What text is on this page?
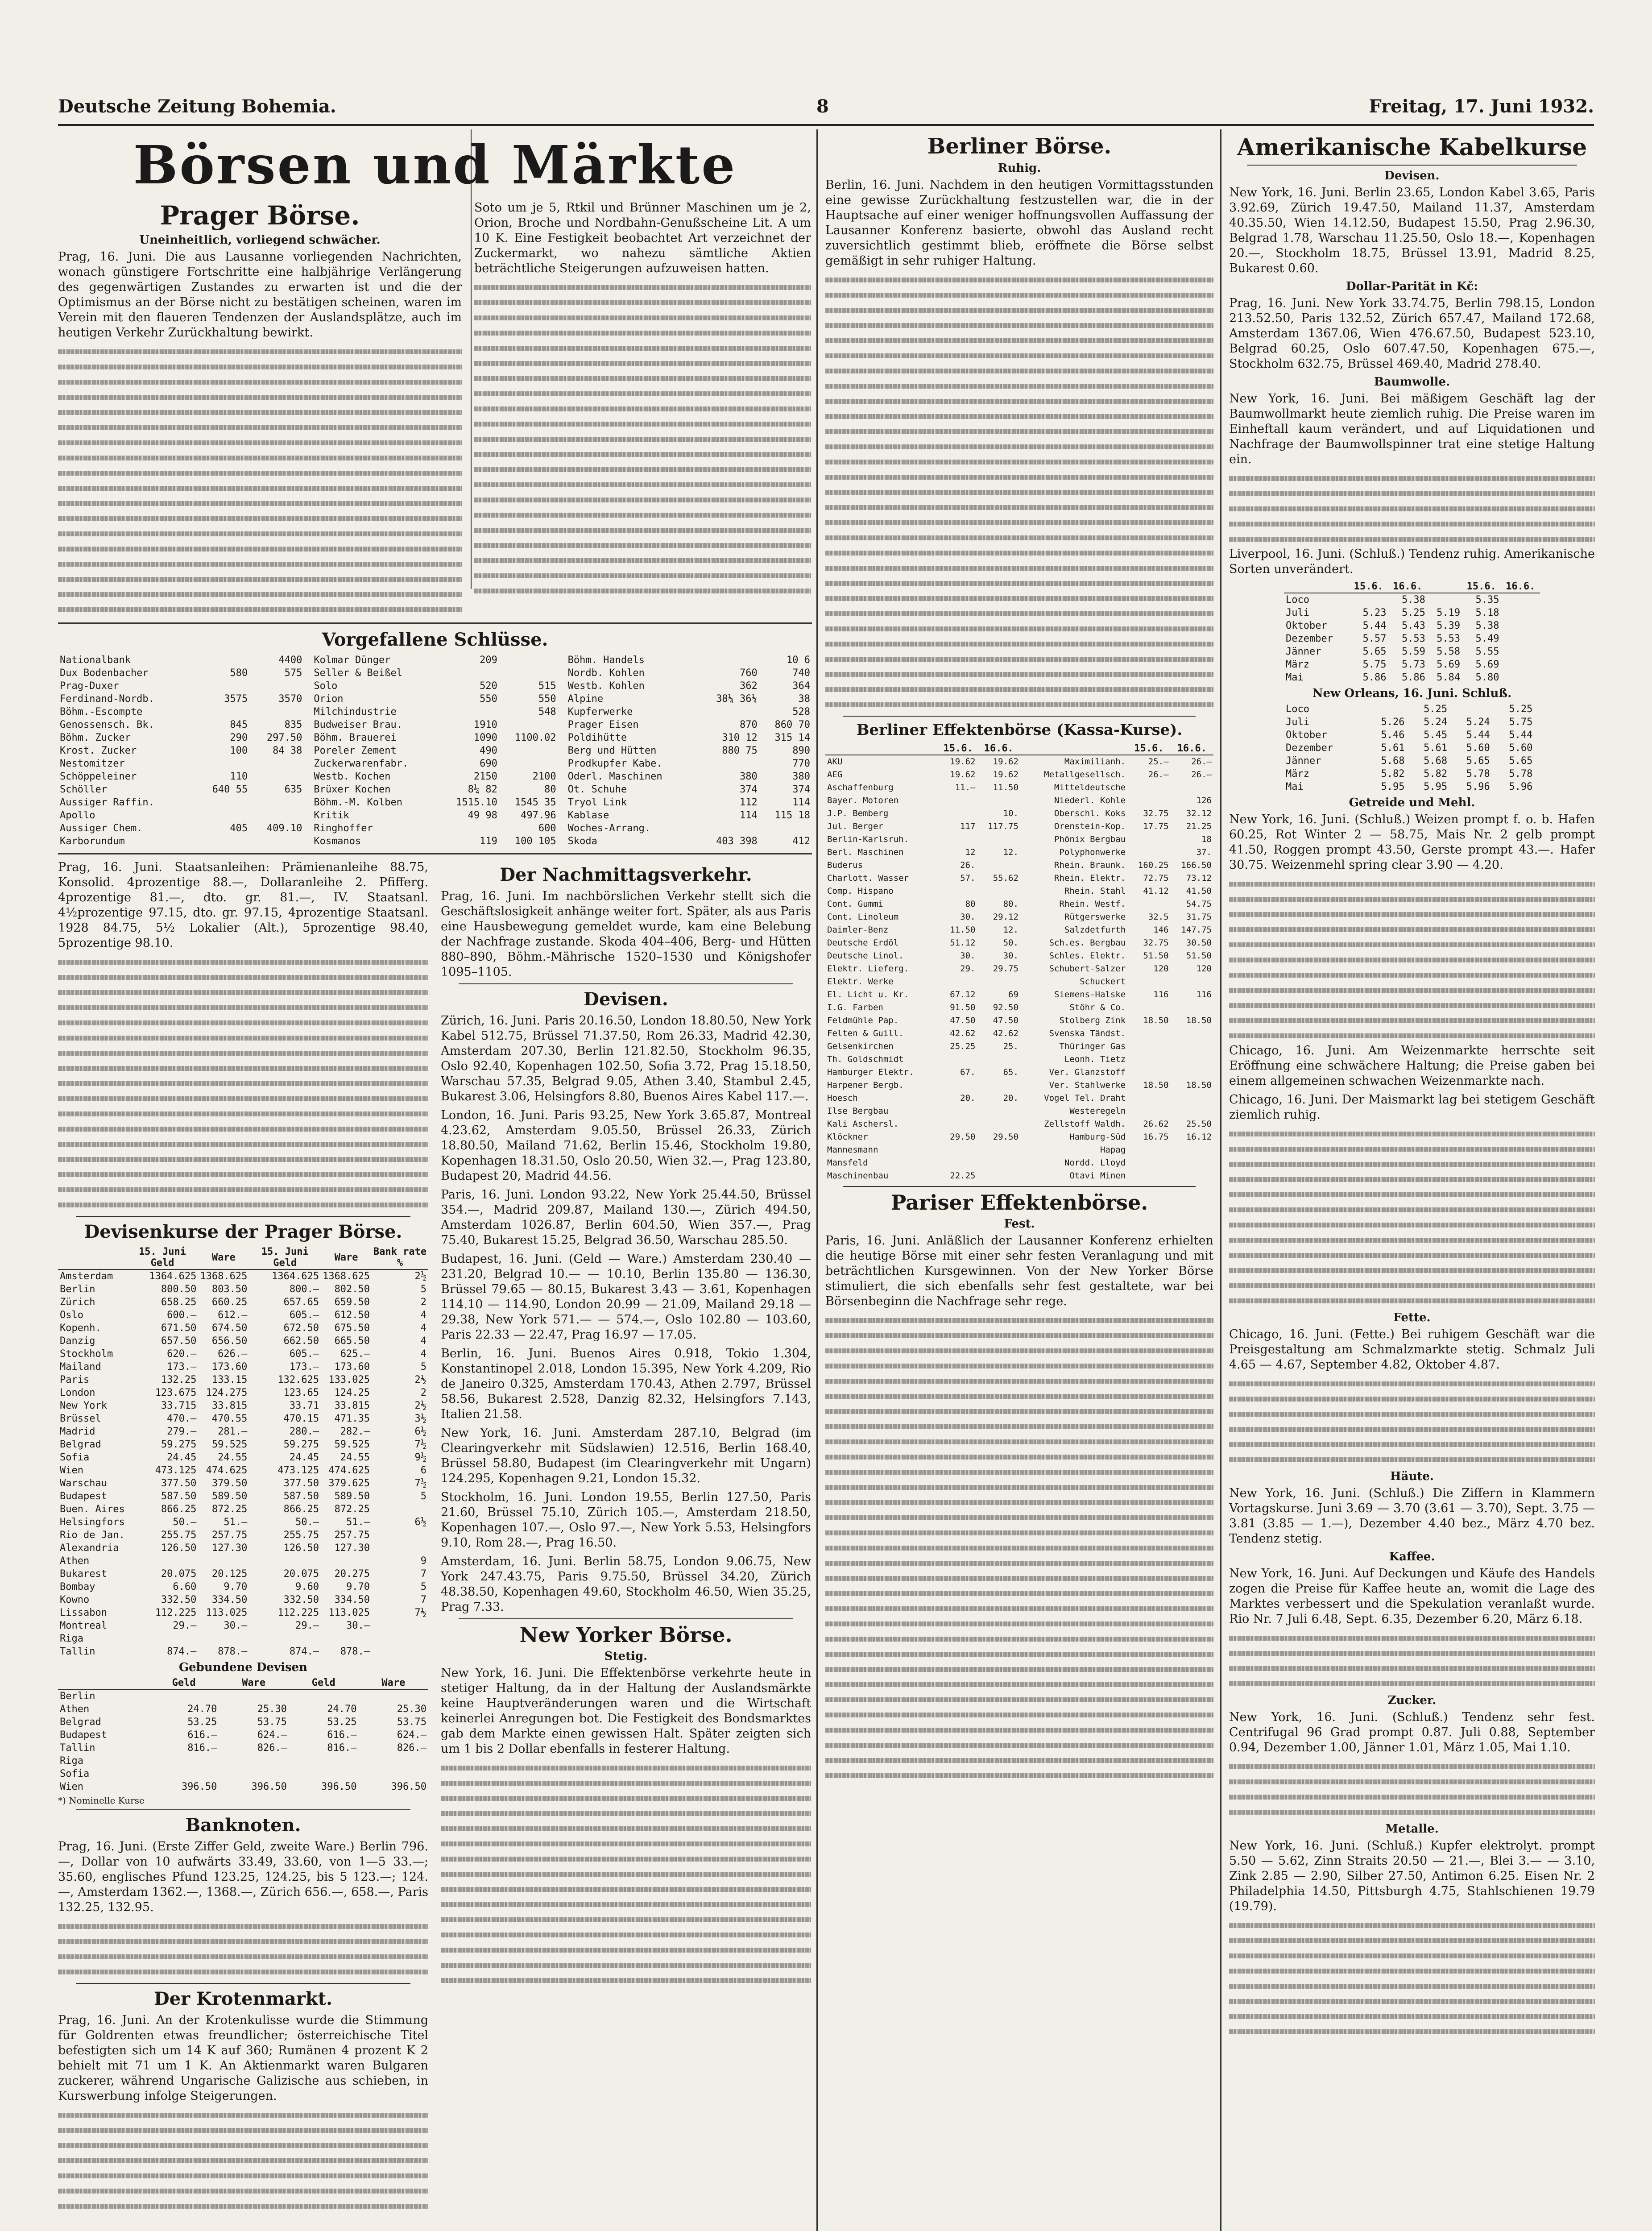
Deutsche Zeitung Bohemia.	8	Freitag, 17. Juni 1932.
Börsen und Märkte
Prager Börse.
Uneinheitlich, vorliegend schwächer.

Prag, 16. Juni. Die aus Lausanne vorliegenden Nachrichten, wonach günstigere Fortschritte eine halbjährige Verlängerung des gegenwärtigen Zustandes zu erwarten ist und die der Optimismus an der Börse nicht zu bestätigen scheinen, waren im Verein mit den flaueren Tendenzen der Auslandsplätze, auch im heutigen Verkehr Zurückhaltung bewirkt.

Soto um je 5, Rtkil und Brünner Maschinen um je 2, Orion, Broche und Nordbahn-Genußscheine Lit. A um 10 K. Eine Festigkeit beobachtet Art verzeichnet der Zuckermarkt, wo nahezu sämtliche Aktien beträchtliche Steigerungen aufzuweisen hatten.

Vorgefallene Schlüsse.
Nationalbank		4400
Dux Bodenbacher	580	575
Prag-Duxer		
Ferdinand-Nordb.	3575	3570
Böhm.-Escompte		
Genossensch. Bk.	845	835
Böhm. Zucker	290	297.50
Krost. Zucker	100	84 38
Nestomitzer		
Schöppeleiner	110	
Schöller	640 55	635
Aussiger Raffin.		
Apollo		
Aussiger Chem.	405	409.10
Karborundum		
Kolmar Dünger	209	
Seller & Beißel		
Solo	520	515
Orion	550	550
Milchindustrie		548
Budweiser Brau.	1910	
Böhm. Brauerei	1090	1100.02
Poreler Zement	490	
Zuckerwarenfabr.	690	
Westb. Kochen	2150	2100
Brüxer Kochen	8¼ 82	80
Böhm.-M. Kolben	1515.10	1545 35
Kritik	49 98	497.96
Ringhoffer		600
Kosmanos	119	100 105
Böhm. Handels		10 6
Nordb. Kohlen	760	740
Westb. Kohlen	362	364
Alpine	38¼ 36¼	38
Kupferwerke		528
Prager Eisen	870	860 70
Poldihütte	310 12	315 14
Berg und Hütten	880 75	890
Prodkupfer Kabe.		770
Oderl. Maschinen	380	380
Ot. Schuhe	374	374
Tryol Link	112	114
Kablase	114	115 18
Woches-Arrang.		
Skoda	403 398	412

Prag, 16. Juni. Staatsanleihen: Prämienanleihe 88.75, Konsolid. 4prozentige 88.—, Dollaranleihe 2. Pfifferg. 4prozentige 81.—, dto. gr. 81.—, IV. Staatsanl. 4½prozentige 97.15, dto. gr. 97.15, 4prozentige Staatsanl. 1928 84.75, 5½ Lokalier (Alt.), 5prozentige 98.40, 5prozentige 98.10.

Devisenkurse der Prager Börse.
	15. Juni Geld	Ware	15. Juni Geld	Ware	Bank rate %
Amsterdam	1364.625	1368.625	1364.625	1368.625	2½
Berlin	800.50	803.50	800.—	802.50	5
Zürich	658.25	660.25	657.65	659.50	2
Oslo	600.—	612.—	605.—	612.50	4
Kopenh.	671.50	674.50	672.50	675.50	4
Danzig	657.50	656.50	662.50	665.50	4
Stockholm	620.—	626.—	605.—	625.—	4
Mailand	173.—	173.60	173.—	173.60	5
Paris	132.25	133.15	132.625	133.025	2½
London	123.675	124.275	123.65	124.25	2
New York	33.715	33.815	33.71	33.815	2½
Brüssel	470.—	470.55	470.15	471.35	3½
Madrid	279.—	281.—	280.—	282.—	6½
Belgrad	59.275	59.525	59.275	59.525	7½
Sofia	24.45	24.55	24.45	24.55	9½
Wien	473.125	474.625	473.125	474.625	6
Warschau	377.50	379.50	377.50	379.625	7½
Budapest	587.50	589.50	587.50	589.50	5
Buen. Aires	866.25	872.25	866.25	872.25	
Helsingfors	50.—	51.—	50.—	51.—	6½
Rio de Jan.	255.75	257.75	255.75	257.75	
Alexandria	126.50	127.30	126.50	127.30	
Athen					9
Bukarest	20.075	20.125	20.075	20.275	7
Bombay	6.60	9.70	9.60	9.70	5
Kowno	332.50	334.50	332.50	334.50	7
Lissabon	112.225	113.025	112.225	113.025	7½
Montreal	29.—	30.—	29.—	30.—	
Riga					
Tallin	874.—	878.—	874.—	878.—	
Gebundene Devisen
	Geld	Ware	Geld	Ware
Berlin				
Athen	24.70	25.30	24.70	25.30
Belgrad	53.25	53.75	53.25	53.75
Budapest	616.—	624.—	616.—	624.—
Tallin	816.—	826.—	816.—	826.—
Riga				
Sofia				
Wien	396.50	396.50	396.50	396.50
*) Nominelle Kurse
Banknoten.

Prag, 16. Juni. (Erste Ziffer Geld, zweite Ware.) Berlin 796.—, Dollar von 10 aufwärts 33.49, 33.60, von 1—5 33.—; 35.60, englisches Pfund 123.25, 124.25, bis 5 123.—; 124.—, Amsterdam 1362.—, 1368.—, Zürich 656.—, 658.—, Paris 132.25, 132.95.

Der Krotenmarkt.

Prag, 16. Juni. An der Krotenkulisse wurde die Stimmung für Goldrenten etwas freundlicher; österreichische Titel befestigten sich um 14 K auf 360; Rumänen 4 prozent K 2 behielt mit 71 um 1 K. An Aktienmarkt waren Bulgaren zuckerer, während Ungarische Galizische aus schieben, in Kurswerbung infolge Steigerungen.

Der Nachmittagsverkehr.

Prag, 16. Juni. Im nachbörslichen Verkehr stellt sich die Geschäftslosigkeit anhänge weiter fort. Später, als aus Paris eine Hausbewegung gemeldet wurde, kam eine Belebung der Nachfrage zustande. Skoda 404–406, Berg- und Hütten 880–890, Böhm.-Mährische 1520–1530 und Königshofer 1095–1105.

Devisen.

Zürich, 16. Juni. Paris 20.16.50, London 18.80.50, New York Kabel 512.75, Brüssel 71.37.50, Rom 26.33, Madrid 42.30, Amsterdam 207.30, Berlin 121.82.50, Stockholm 96.35, Oslo 92.40, Kopenhagen 102.50, Sofia 3.72, Prag 15.18.50, Warschau 57.35, Belgrad 9.05, Athen 3.40, Stambul 2.45, Bukarest 3.06, Helsingfors 8.80, Buenos Aires Kabel 117.—.

London, 16. Juni. Paris 93.25, New York 3.65.87, Montreal 4.23.62, Amsterdam 9.05.50, Brüssel 26.33, Zürich 18.80.50, Mailand 71.62, Berlin 15.46, Stockholm 19.80, Kopenhagen 18.31.50, Oslo 20.50, Wien 32.—, Prag 123.80, Budapest 20, Madrid 44.56.

Paris, 16. Juni. London 93.22, New York 25.44.50, Brüssel 354.—, Madrid 209.87, Mailand 130.—, Zürich 494.50, Amsterdam 1026.87, Berlin 604.50, Wien 357.—, Prag 75.40, Bukarest 15.25, Belgrad 36.50, Warschau 285.50.

Budapest, 16. Juni. (Geld — Ware.) Amsterdam 230.40 — 231.20, Belgrad 10.— — 10.10, Berlin 135.80 — 136.30, Brüssel 79.65 — 80.15, Bukarest 3.43 — 3.61, Kopenhagen 114.10 — 114.90, London 20.99 — 21.09, Mailand 29.18 — 29.38, New York 571.— — 574.—, Oslo 102.80 — 103.60, Paris 22.33 — 22.47, Prag 16.97 — 17.05.

Berlin, 16. Juni. Buenos Aires 0.918, Tokio 1.304, Konstantinopel 2.018, London 15.395, New York 4.209, Rio de Janeiro 0.325, Amsterdam 170.43, Athen 2.797, Brüssel 58.56, Bukarest 2.528, Danzig 82.32, Helsingfors 7.143, Italien 21.58.

New York, 16. Juni. Amsterdam 287.10, Belgrad (im Clearingverkehr mit Südslawien) 12.516, Berlin 168.40, Brüssel 58.80, Budapest (im Clearingverkehr mit Ungarn) 124.295, Kopenhagen 9.21, London 15.32.

Stockholm, 16. Juni. London 19.55, Berlin 127.50, Paris 21.60, Brüssel 75.10, Zürich 105.—, Amsterdam 218.50, Kopenhagen 107.—, Oslo 97.—, New York 5.53, Helsingfors 9.10, Rom 28.—, Prag 16.50.

Amsterdam, 16. Juni. Berlin 58.75, London 9.06.75, New York 247.43.75, Paris 9.75.50, Brüssel 34.20, Zürich 48.38.50, Kopenhagen 49.60, Stockholm 46.50, Wien 35.25, Prag 7.33.

New Yorker Börse.
Stetig.

New York, 16. Juni. Die Effektenbörse verkehrte heute in stetiger Haltung, da in der Haltung der Auslandsmärkte keine Hauptveränderungen waren und die Wirtschaft keinerlei Anregungen bot. Die Festigkeit des Bondsmarktes gab dem Markte einen gewissen Halt. Später zeigten sich um 1 bis 2 Dollar ebenfalls in festerer Haltung.

Berliner Börse.
Ruhig.

Berlin, 16. Juni. Nachdem in den heutigen Vormittagsstunden eine gewisse Zurückhaltung festzustellen war, die in der Hauptsache auf einer weniger hoffnungsvollen Auffassung der Lausanner Konferenz basierte, obwohl das Ausland recht zuversichtlich gestimmt blieb, eröffnete die Börse selbst gemäßigt in sehr ruhiger Haltung.

Berliner Effektenbörse (Kassa-Kurse).
	15.6.	16.6.		15.6.	16.6.
AKU	19.62	19.62	Maximilianh.	25.—	26.—
AEG	19.62	19.62	Metallgesellsch.	26.—	26.—
Aschaffenburg	11.—	11.50	Mitteldeutsche		
Bayer. Motoren			Niederl. Kohle		126
J.P. Bemberg		10.	Oberschl. Koks	32.75	32.12
Jul. Berger	117	117.75	Orenstein-Kop.	17.75	21.25
Berlin-Karlsruh.			Phönix Bergbau		18
Berl. Maschinen	12	12.	Polyphonwerke		37.
Buderus	26.		Rhein. Braunk.	160.25	166.50
Charlott. Wasser	57.	55.62	Rhein. Elektr.	72.75	73.12
Comp. Hispano			Rhein. Stahl	41.12	41.50
Cont. Gummi	80	80.	Rhein. Westf.		54.75
Cont. Linoleum	30.	29.12	Rütgerswerke	32.5	31.75
Daimler-Benz	11.50	12.	Salzdetfurth	146	147.75
Deutsche Erdöl	51.12	50.	Sch.es. Bergbau	32.75	30.50
Deutsche Linol.	30.	30.	Schles. Elektr.	51.50	51.50
Elektr. Lieferg.	29.	29.75	Schubert-Salzer	120	120
Elektr. Werke			Schuckert		
El. Licht u. Kr.	67.12	69	Siemens-Halske	116	116
I.G. Farben	91.50	92.50	Stöhr & Co.		
Feldmühle Pap.	47.50	47.50	Stolberg Zink	18.50	18.50
Felten & Guill.	42.62	42.62	Svenska Tändst.		
Gelsenkirchen	25.25	25.	Thüringer Gas		
Th. Goldschmidt			Leonh. Tietz		
Hamburger Elektr.	67.	65.	Ver. Glanzstoff		
Harpener Bergb.			Ver. Stahlwerke	18.50	18.50
Hoesch	20.	20.	Vogel Tel. Draht		
Ilse Bergbau			Westeregeln		
Kali Aschersl.			Zellstoff Waldh.	26.62	25.50
Klöckner	29.50	29.50	Hamburg-Süd	16.75	16.12
Mannesmann			Hapag		
Mansfeld			Nordd. Lloyd		
Maschinenbau	22.25		Otavi Minen		
Pariser Effektenbörse.
Fest.

Paris, 16. Juni. Anläßlich der Lausanner Konferenz erhielten die heutige Börse mit einer sehr festen Veranlagung und mit beträchtlichen Kursgewinnen. Von der New Yorker Börse stimuliert, die sich ebenfalls sehr fest gestaltete, war bei Börsenbeginn die Nachfrage sehr rege.

Amerikanische Kabelkurse
Devisen.

New York, 16. Juni. Berlin 23.65, London Kabel 3.65, Paris 3.92.69, Zürich 19.47.50, Mailand 11.37, Amsterdam 40.35.50, Wien 14.12.50, Budapest 15.50, Prag 2.96.30, Belgrad 1.78, Warschau 11.25.50, Oslo 18.—, Kopenhagen 20.—, Stockholm 18.75, Brüssel 13.91, Madrid 8.25, Bukarest 0.60.

Dollar-Parität in Kč:

Prag, 16. Juni. New York 33.74.75, Berlin 798.15, London 213.52.50, Paris 132.52, Zürich 657.47, Mailand 172.68, Amsterdam 1367.06, Wien 476.67.50, Budapest 523.10, Belgrad 60.25, Oslo 607.47.50, Kopenhagen 675.—, Stockholm 632.75, Brüssel 469.40, Madrid 278.40.

Baumwolle.

New York, 16. Juni. Bei mäßigem Geschäft lag der Baumwollmarkt heute ziemlich ruhig. Die Preise waren im Einheftall kaum verändert, und auf Liquidationen und Nachfrage der Baumwollspinner trat eine stetige Haltung ein.

Liverpool, 16. Juni. (Schluß.) Tendenz ruhig. Amerikanische Sorten unverändert.

	15.6.	16.6.		15.6.	16.6.
Loco		5.38		5.35	
Juli	5.23	5.25	5.19	5.18	
Oktober	5.44	5.43	5.39	5.38	
Dezember	5.57	5.53	5.53	5.49	
Jänner	5.65	5.59	5.58	5.55	
März	5.75	5.73	5.69	5.69	
Mai	5.86	5.86	5.84	5.80	
New Orleans, 16. Juni. Schluß.
Loco		5.25		5.25	
Juli	5.26	5.24	5.24	5.75	
Oktober	5.46	5.45	5.44	5.44	
Dezember	5.61	5.61	5.60	5.60	
Jänner	5.68	5.68	5.65	5.65	
März	5.82	5.82	5.78	5.78	
Mai	5.95	5.95	5.96	5.96	
Getreide und Mehl.

New York, 16. Juni. (Schluß.) Weizen prompt f. o. b. Hafen 60.25, Rot Winter 2 — 58.75, Mais Nr. 2 gelb prompt 41.50, Roggen prompt 43.50, Gerste prompt 43.—. Hafer 30.75. Weizenmehl spring clear 3.90 — 4.20.

Chicago, 16. Juni. Am Weizenmarkte herrschte seit Eröffnung eine schwächere Haltung; die Preise gaben bei einem allgemeinen schwachen Weizenmarkte nach.

Chicago, 16. Juni. Der Maismarkt lag bei stetigem Geschäft ziemlich ruhig.

Fette.

Chicago, 16. Juni. (Fette.) Bei ruhigem Geschäft war die Preisgestaltung am Schmalzmarkte stetig. Schmalz Juli 4.65 — 4.67, September 4.82, Oktober 4.87.

Häute.

New York, 16. Juni. (Schluß.) Die Ziffern in Klammern Vortagskurse. Juni 3.69 — 3.70 (3.61 — 3.70), Sept. 3.75 — 3.81 (3.85 — 1.—), Dezember 4.40 bez., März 4.70 bez. Tendenz stetig.

Kaffee.

New York, 16. Juni. Auf Deckungen und Käufe des Handels zogen die Preise für Kaffee heute an, womit die Lage des Marktes verbessert und die Spekulation veranlaßt wurde. Rio Nr. 7 Juli 6.48, Sept. 6.35, Dezember 6.20, März 6.18.

Zucker.

New York, 16. Juni. (Schluß.) Tendenz sehr fest. Centrifugal 96 Grad prompt 0.87. Juli 0.88, September 0.94, Dezember 1.00, Jänner 1.01, März 1.05, Mai 1.10.

Metalle.

New York, 16. Juni. (Schluß.) Kupfer elektrolyt. prompt 5.50 — 5.62, Zinn Straits 20.50 — 21.—, Blei 3.— — 3.10, Zink 2.85 — 2.90, Silber 27.50, Antimon 6.25. Eisen Nr. 2 Philadelphia 14.50, Pittsburgh 4.75, Stahlschienen 19.79 (19.79).
